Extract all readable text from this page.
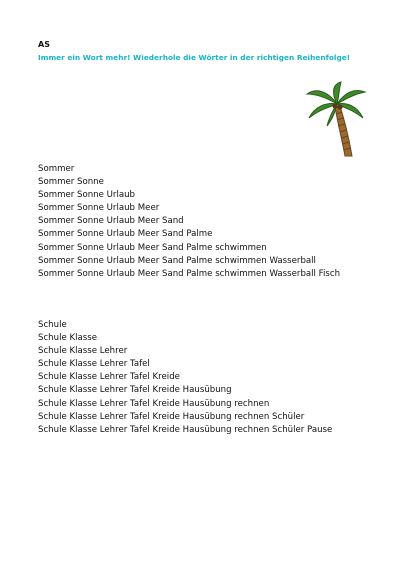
AS
Immer ein Wort mehr! Wiederhole die Wörter in der richtigen Reihenfolge!
Sommer
Sommer Sonne
Sommer Sonne Urlaub
Sommer Sonne Urlaub Meer
Sommer Sonne Urlaub Meer Sand
Sommer Sonne Urlaub Meer Sand Palme
Sommer Sonne Urlaub Meer Sand Palme schwimmen
Sommer Sonne Urlaub Meer Sand Palme schwimmen Wasserball
Sommer Sonne Urlaub Meer Sand Palme schwimmen Wasserball Fisch
Schule
Schule Klasse
Schule Klasse Lehrer
Schule Klasse Lehrer Tafel
Schule Klasse Lehrer Tafel Kreide
Schule Klasse Lehrer Tafel Kreide Hausübung
Schule Klasse Lehrer Tafel Kreide Hausübung rechnen
Schule Klasse Lehrer Tafel Kreide Hausübung rechnen Schüler
Schule Klasse Lehrer Tafel Kreide Hausübung rechnen Schüler Pause
